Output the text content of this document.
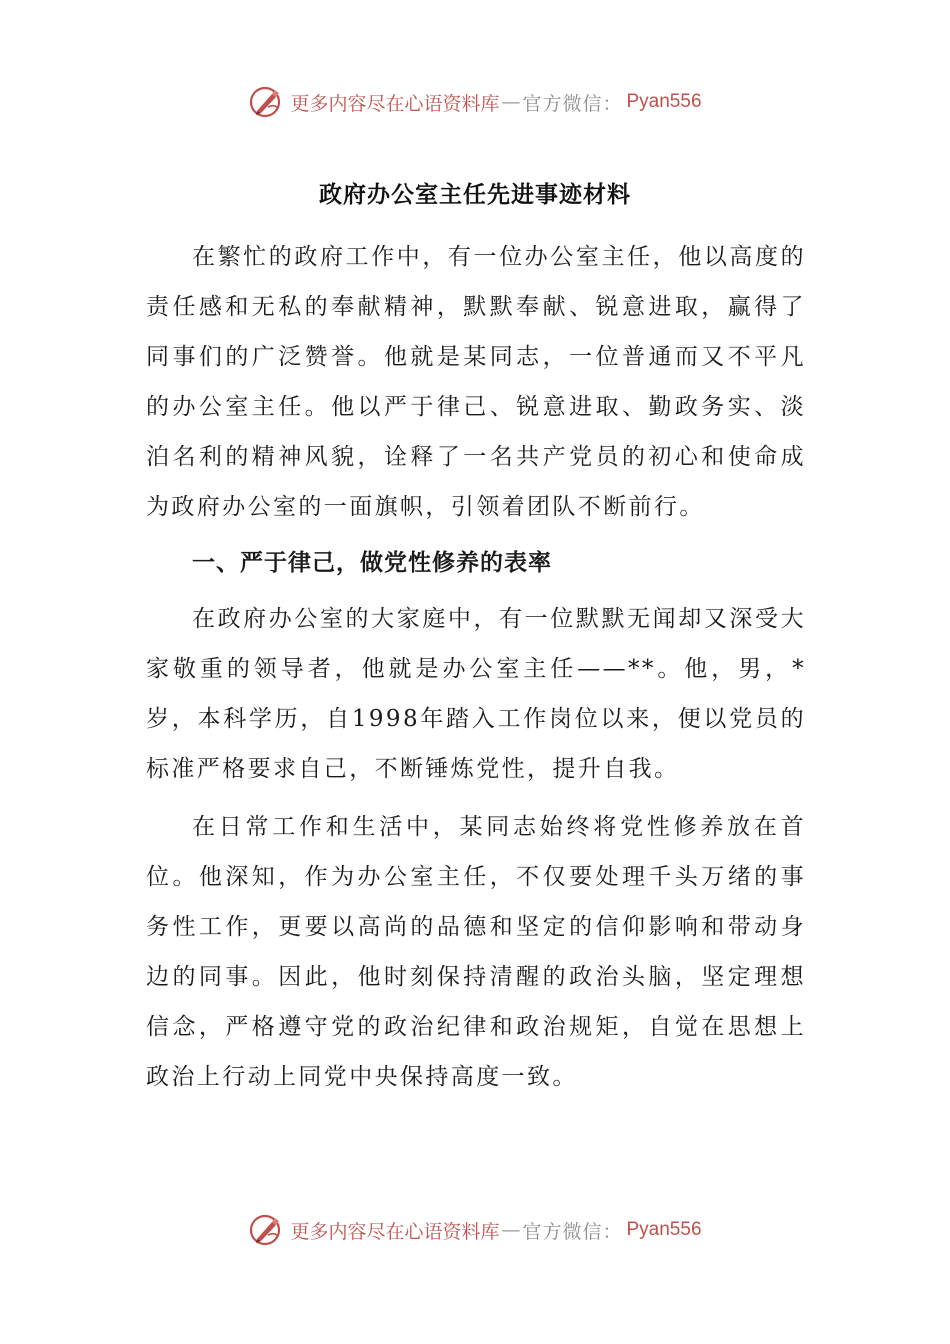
更多内容尽在心语资料库 — 官方微信： Pyan556
政府办公室主任先进事迹材料

在繁忙的政府工作中，有一位办公室主任，他以高度的责任感和无私的奉献精神，默默奉献、锐意进取，赢得了同事们的广泛赞誉。他就是某同志，一位普通而又不平凡的办公室主任。他以严于律己、锐意进取、勤政务实、淡泊名利的精神风貌，诠释了一名共产党员的初心和使命成为政府办公室的一面旗帜，引领着团队不断前行。

一、严于律己，做党性修养的表率

在政府办公室的大家庭中，有一位默默无闻却又深受大家敬重的领导者，他就是办公室主任——**。他，男，*岁，本科学历，自1998年踏入工作岗位以来，便以党员的标准严格要求自己，不断锤炼党性，提升自我。

在日常工作和生活中，某同志始终将党性修养放在首位。他深知，作为办公室主任，不仅要处理千头万绪的事务性工作，更要以高尚的品德和坚定的信仰影响和带动身边的同事。因此，他时刻保持清醒的政治头脑，坚定理想信念，严格遵守党的政治纪律和政治规矩，自觉在思想上政治上行动上同党中央保持高度一致。

更多内容尽在心语资料库 — 官方微信： Pyan556
